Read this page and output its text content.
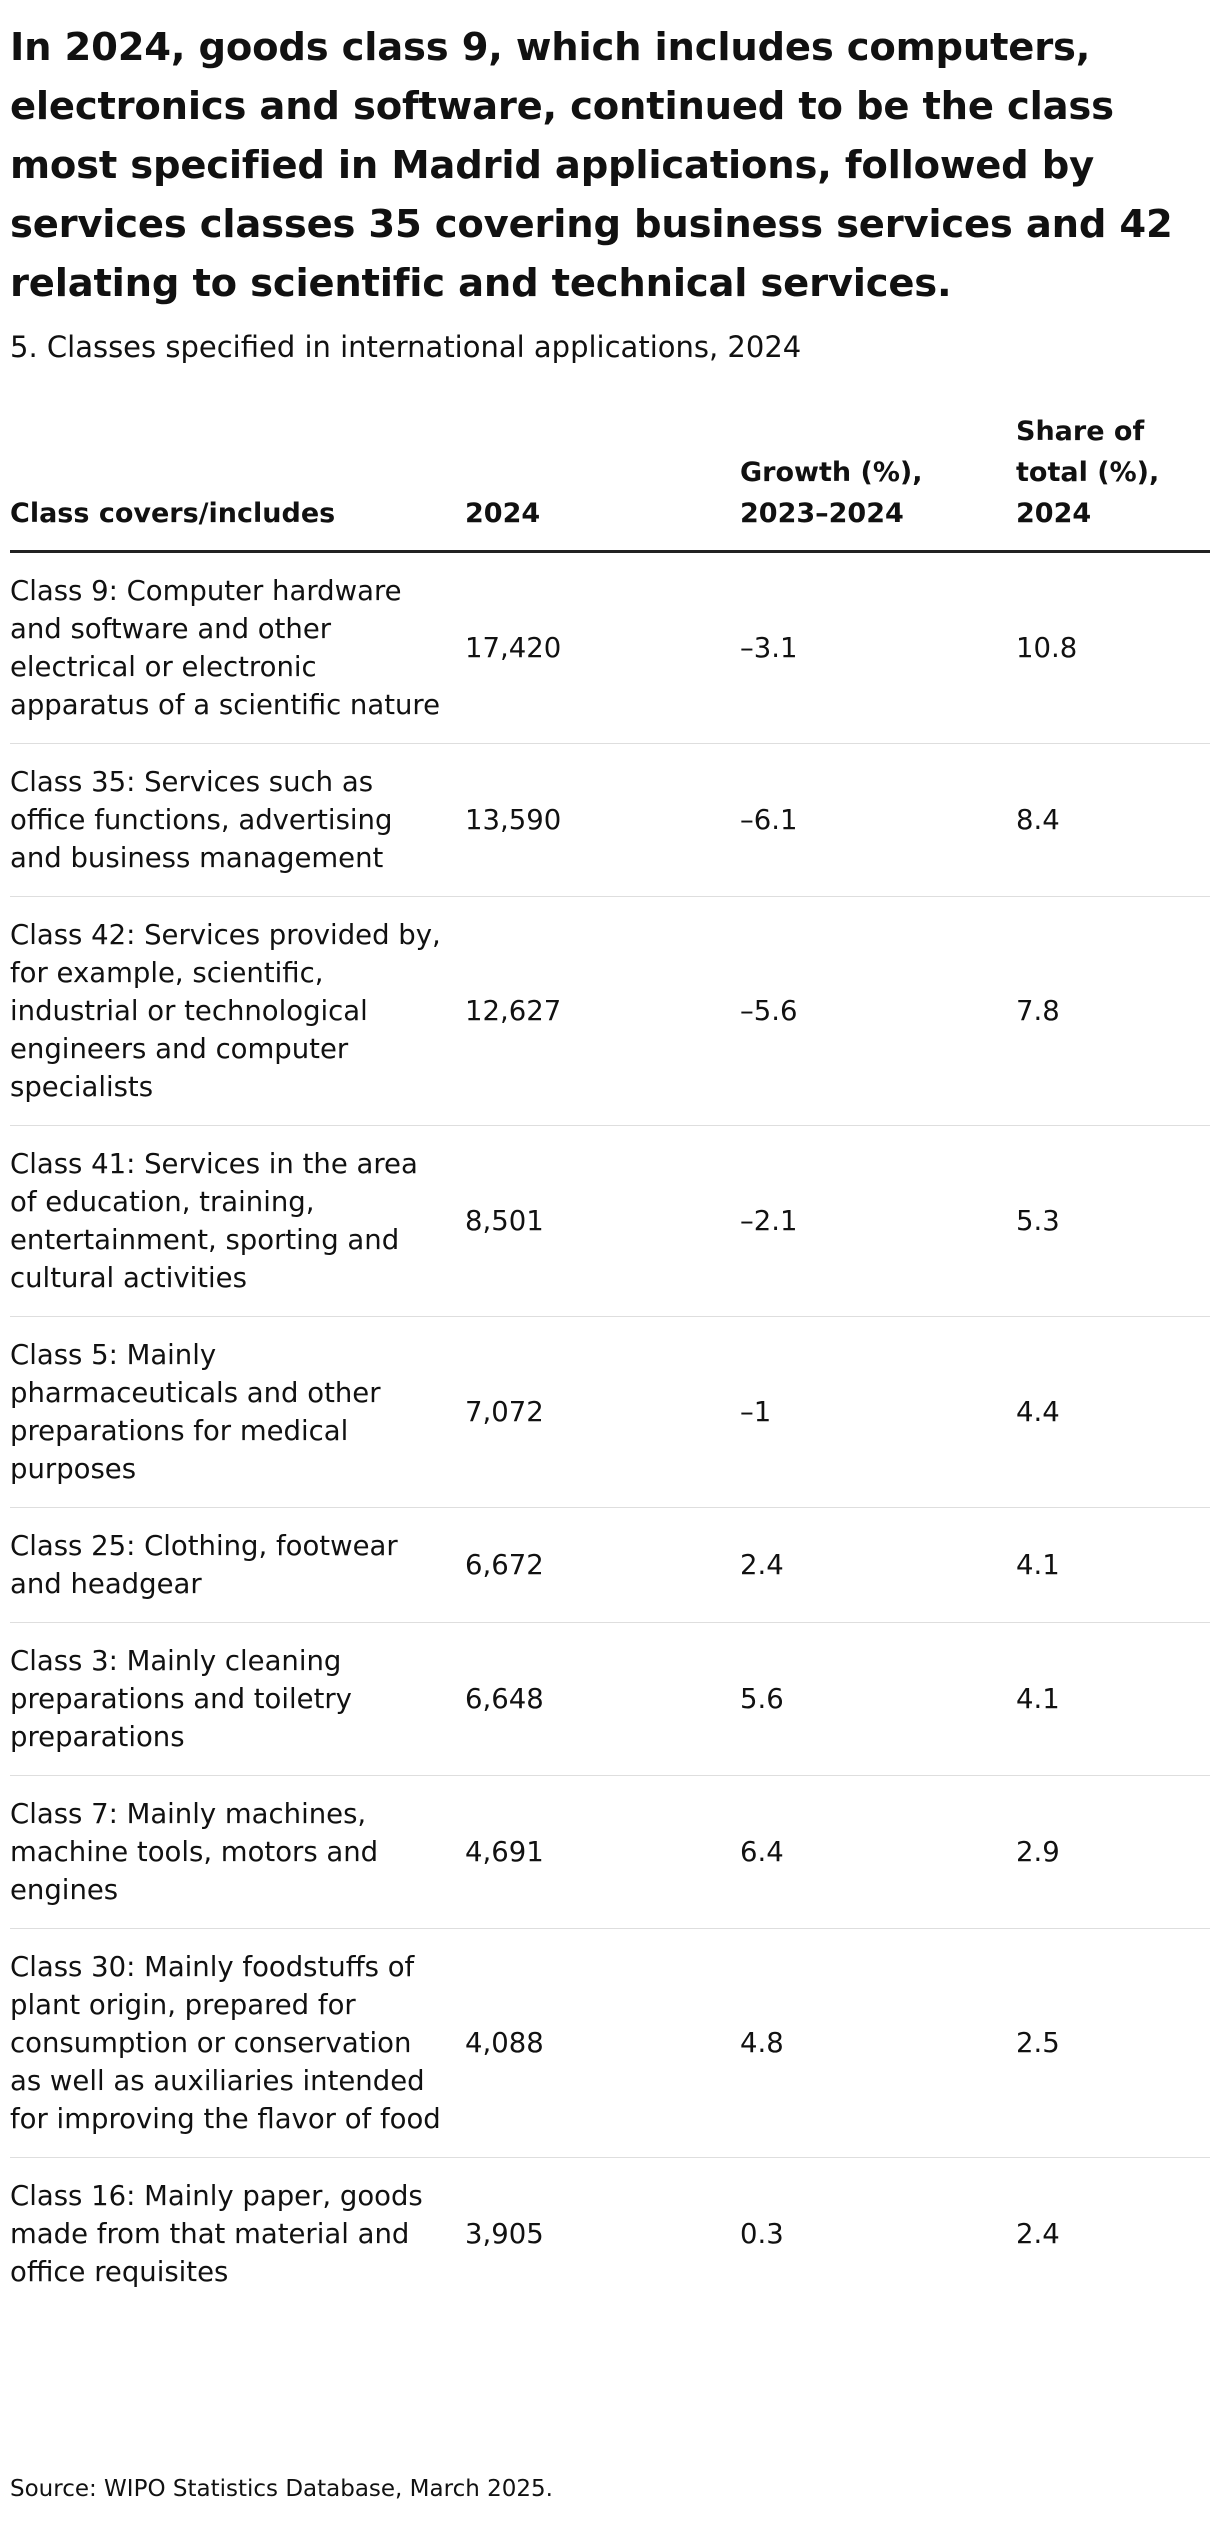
In 2024, goods class 9, which includes computers, electronics and software, continued to be the class most specified in Madrid applications, followed by services classes 35 covering business services and 42 relating to scientific and technical services.
5. Classes specified in international applications, 2024
Class covers/includes	2024	Growth (%), 2023–2024	Share of total (%), 2024
Class 9: Computer hardware and software and other electrical or electronic apparatus of a scientific nature	17,420	–3.1	10.8
Class 35: Services such as office functions, advertising and business management	13,590	–6.1	8.4
Class 42: Services provided by, for example, scientific, industrial or technological engineers and computer specialists	12,627	–5.6	7.8
Class 41: Services in the area of education, training, entertainment, sporting and cultural activities	8,501	–2.1	5.3
Class 5: Mainly pharmaceuticals and other preparations for medical purposes	7,072	–1	4.4
Class 25: Clothing, footwear and headgear	6,672	2.4	4.1
Class 3: Mainly cleaning preparations and toiletry preparations	6,648	5.6	4.1
Class 7: Mainly machines, machine tools, motors and engines	4,691	6.4	2.9
Class 30: Mainly foodstuffs of plant origin, prepared for consumption or conservation as well as auxiliaries intended for improving the flavor of food	4,088	4.8	2.5
Class 16: Mainly paper, goods made from that material and office requisites	3,905	0.3	2.4
Source: WIPO Statistics Database, March 2025.
